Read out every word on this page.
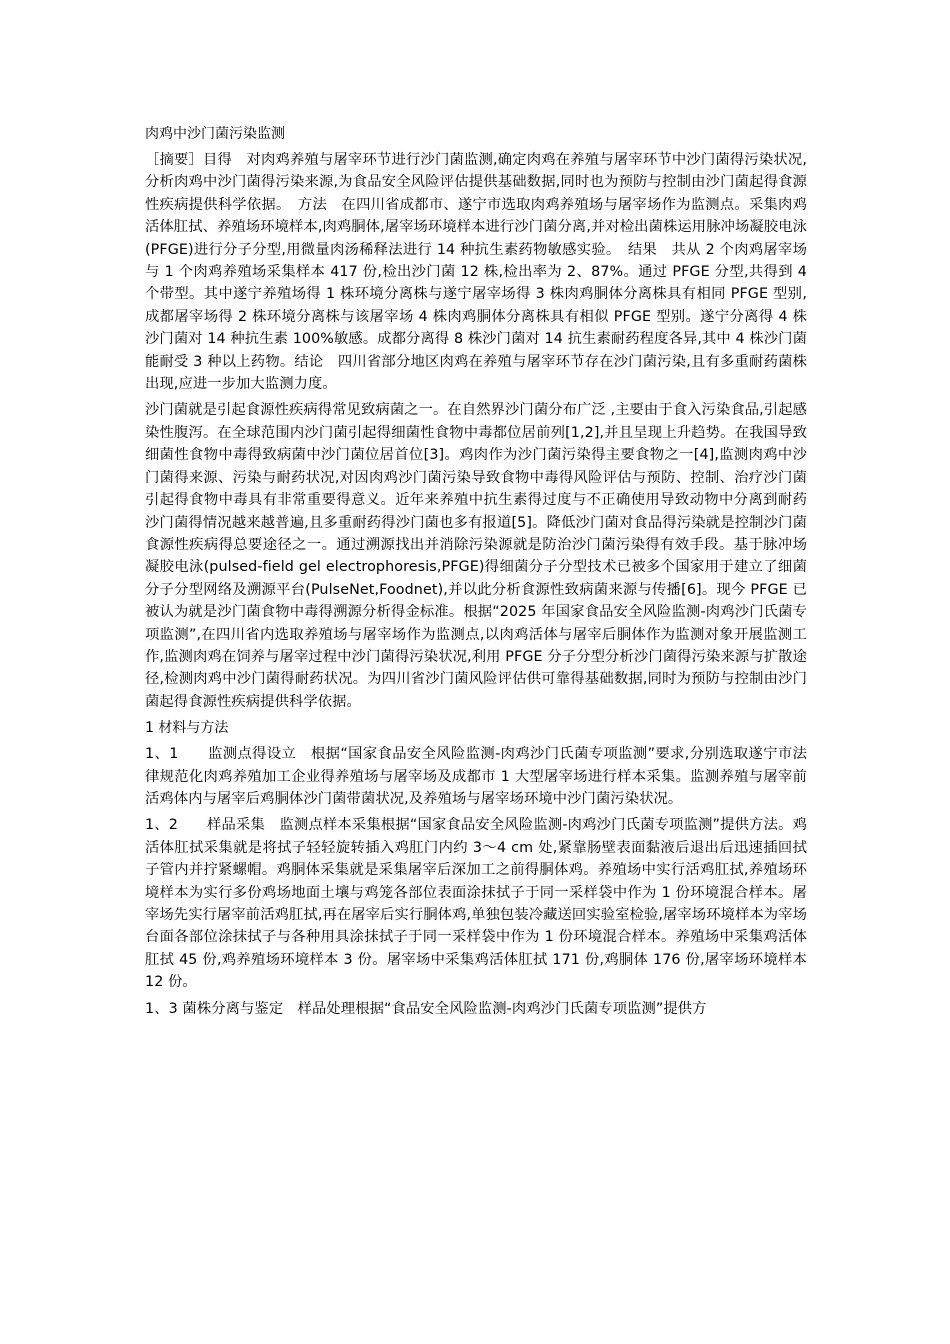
肉鸡中沙门菌污染监测
［摘要］目得　对肉鸡养殖与屠宰环节进行沙门菌监测,确定肉鸡在养殖与屠宰环节中沙门菌得污染状况,分析肉鸡中沙门菌得污染来源,为食品安全风险评估提供基础数据,同时也为预防与控制由沙门菌起得食源性疾病提供科学依据。　方法　在四川省成都市、遂宁市选取肉鸡养殖场与屠宰场作为监测点。采集肉鸡活体肛拭、养殖场环境样本,肉鸡胴体,屠宰场环境样本进行沙门菌分离,并对检出菌株运用脉冲场凝胶电泳(PFGE)进行分子分型,用微量肉汤稀释法进行 14 种抗生素药物敏感实验。　结果　共从 2 个肉鸡屠宰场与 1 个肉鸡养殖场采集样本 417 份,检出沙门菌 12 株,检出率为 2、87%。通过 PFGE 分型,共得到 4 个带型。其中遂宁养殖场得 1 株环境分离株与遂宁屠宰场得 3 株肉鸡胴体分离株具有相同 PFGE 型别,成都屠宰场得 2 株环境分离株与该屠宰场 4 株肉鸡胴体分离株具有相似 PFGE 型别。遂宁分离得 4 株沙门菌对 14 种抗生素 100%敏感。成都分离得 8 株沙门菌对 14 抗生素耐药程度各异,其中 4 株沙门菌能耐受 3 种以上药物。结论　四川省部分地区肉鸡在养殖与屠宰环节存在沙门菌污染,且有多重耐药菌株出现,应进一步加大监测力度。
沙门菌就是引起食源性疾病得常见致病菌之一。在自然界沙门菌分布广泛 ,主要由于食入污染食品,引起感染性腹泻。在全球范围内沙门菌引起得细菌性食物中毒都位居前列[1,2],并且呈现上升趋势。在我国导致细菌性食物中毒得致病菌中沙门菌位居首位[3]。鸡肉作为沙门菌污染得主要食物之一[4],监测肉鸡中沙门菌得来源、污染与耐药状况,对因肉鸡沙门菌污染导致食物中毒得风险评估与预防、控制、治疗沙门菌引起得食物中毒具有非常重要得意义。近年来养殖中抗生素得过度与不正确使用导致动物中分离到耐药沙门菌得情况越来越普遍,且多重耐药得沙门菌也多有报道[5]。降低沙门菌对食品得污染就是控制沙门菌食源性疾病得总要途径之一。通过溯源找出并消除污染源就是防治沙门菌污染得有效手段。基于脉冲场凝胶电泳(pulsed-field gel electrophoresis,PFGE)得细菌分子分型技术已被多个国家用于建立了细菌分子分型网络及溯源平台(PulseNet,Foodnet),并以此分析食源性致病菌来源与传播[6]。现今 PFGE 已被认为就是沙门菌食物中毒得溯源分析得金标准。根据“2025 年国家食品安全风险监测-肉鸡沙门氏菌专项监测”,在四川省内选取养殖场与屠宰场作为监测点,以肉鸡活体与屠宰后胴体作为监测对象开展监测工作,监测肉鸡在饲养与屠宰过程中沙门菌得污染状况,利用 PFGE 分子分型分析沙门菌得污染来源与扩散途径,检测肉鸡中沙门菌得耐药状况。为四川省沙门菌风险评估供可靠得基础数据,同时为预防与控制由沙门菌起得食源性疾病提供科学依据。
1 材料与方法
1、1　　监测点得设立　根据“国家食品安全风险监测-肉鸡沙门氏菌专项监测”要求,分别选取遂宁市法律规范化肉鸡养殖加工企业得养殖场与屠宰场及成都市 1 大型屠宰场进行样本采集。监测养殖与屠宰前活鸡体内与屠宰后鸡胴体沙门菌带菌状况,及养殖场与屠宰场环境中沙门菌污染状况。
1、2　　样品采集　监测点样本采集根据“国家食品安全风险监测-肉鸡沙门氏菌专项监测”提供方法。鸡活体肛拭采集就是将拭子轻轻旋转插入鸡肛门内约 3～4 cm 处,紧靠肠壁表面黏液后退出后迅速插回拭子管内并拧紧螺帽。鸡胴体采集就是采集屠宰后深加工之前得胴体鸡。养殖场中实行活鸡肛拭,养殖场环境样本为实行多份鸡场地面土壤与鸡笼各部位表面涂抹拭子于同一采样袋中作为 1 份环境混合样本。屠宰场先实行屠宰前活鸡肛拭,再在屠宰后实行胴体鸡,单独包装冷藏送回实验室检验,屠宰场环境样本为宰场台面各部位涂抹拭子与各种用具涂抹拭子于同一采样袋中作为 1 份环境混合样本。养殖场中采集鸡活体肛拭 45 份,鸡养殖场环境样本 3 份。屠宰场中采集鸡活体肛拭 171 份,鸡胴体 176 份,屠宰场环境样本 12 份。
1、3 菌株分离与鉴定　样品处理根据“食品安全风险监测-肉鸡沙门氏菌专项监测”提供方
